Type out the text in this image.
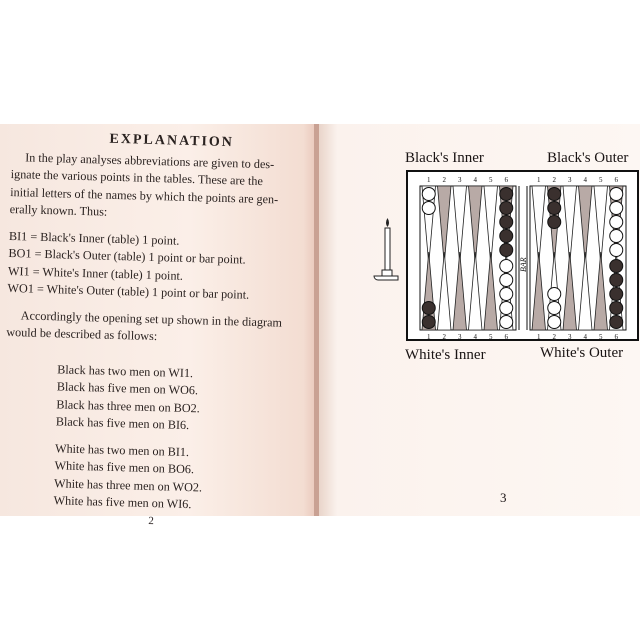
EXPLANATION
In the play analyses abbreviations are given to des-
ignate the various points in the tables. These are the
initial letters of the names by which the points are gen-
erally known. Thus:
BI1 = Black's Inner (table) 1 point.
BO1 = Black's Outer (table) 1 point or bar point.
WI1 = White's Inner (table) 1 point.
WO1 = White's Outer (table) 1 point or bar point.
Accordingly the opening set up shown in the diagram
would be described as follows:
Black has two men on WI1.
Black has five men on WO6.
Black has three men on BO2.
Black has five men on BI6.
White has two men on BI1.
White has five men on BO6.
White has three men on WO2.
White has five men on WI6.
2
Black's Inner	Black's Outer
White's Inner	White's Outer
3
BAR
1
1
2
2
3
3
4
4
5
5
6
6
1
1
2
2
3
3
4
4
5
5
6
6
